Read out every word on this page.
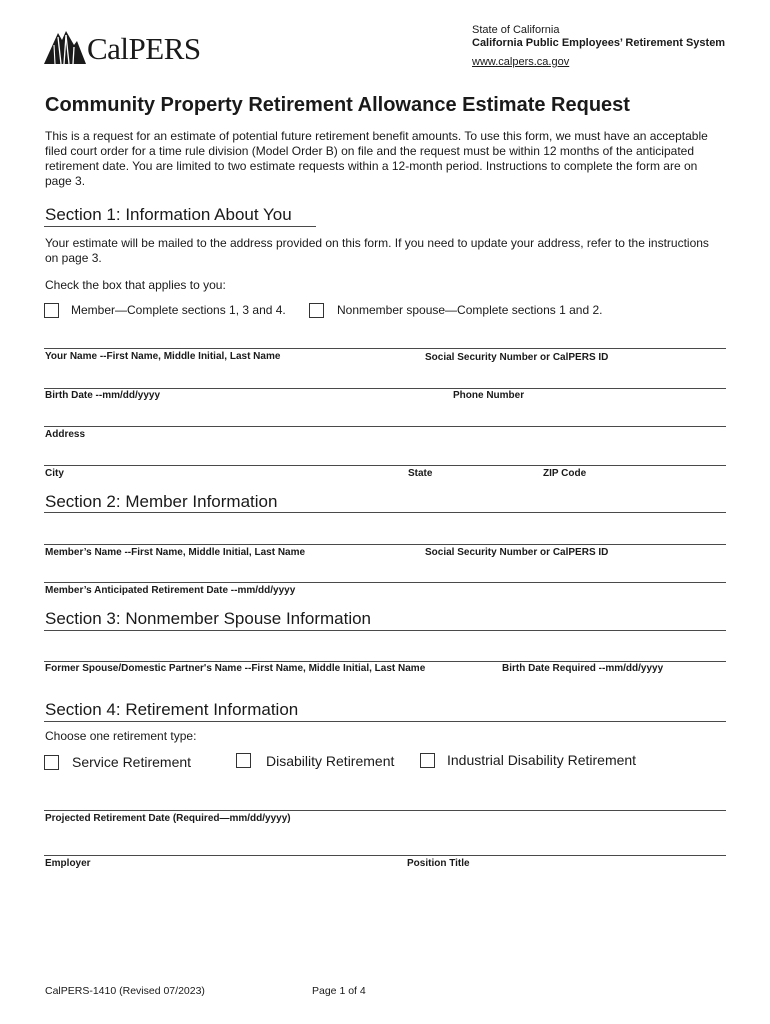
CalPERS
State of California
California Public Employees’ Retirement System
www.calpers.ca.gov
Community Property Retirement Allowance Estimate Request
This is a request for an estimate of potential future retirement benefit amounts. To use this form, we must have an acceptable filed court order for a time rule division (Model Order B) on file and the request must be within 12 months of the anticipated retirement date. You are limited to two estimate requests within a 12-month period. Instructions to complete the form are on page 3.
Section 1: Information About You
Your estimate will be mailed to the address provided on this form. If you need to update your address, refer to the instructions on page 3.
Check the box that applies to you:
Member—Complete sections 1, 3 and 4.	Nonmember spouse—Complete sections 1 and 2.
Your Name --First Name, Middle Initial, Last Name	Social Security Number or CalPERS ID
Birth Date --mm/dd/yyyy	Phone Number
Address
City	State	ZIP Code
Section 2: Member Information
Member’s Name --First Name, Middle Initial, Last Name	Social Security Number or CalPERS ID
Member’s Anticipated Retirement Date --mm/dd/yyyy
Section 3: Nonmember Spouse Information
Former Spouse/Domestic Partner's Name --First Name, Middle Initial, Last Name	Birth Date Required --mm/dd/yyyy
Section 4: Retirement Information
Choose one retirement type:
Service Retirement	Disability Retirement	Industrial Disability Retirement
Projected Retirement Date (Required—mm/dd/yyyy)
Employer	Position Title
CalPERS-1410 (Revised 07/2023)	Page 1 of 4
